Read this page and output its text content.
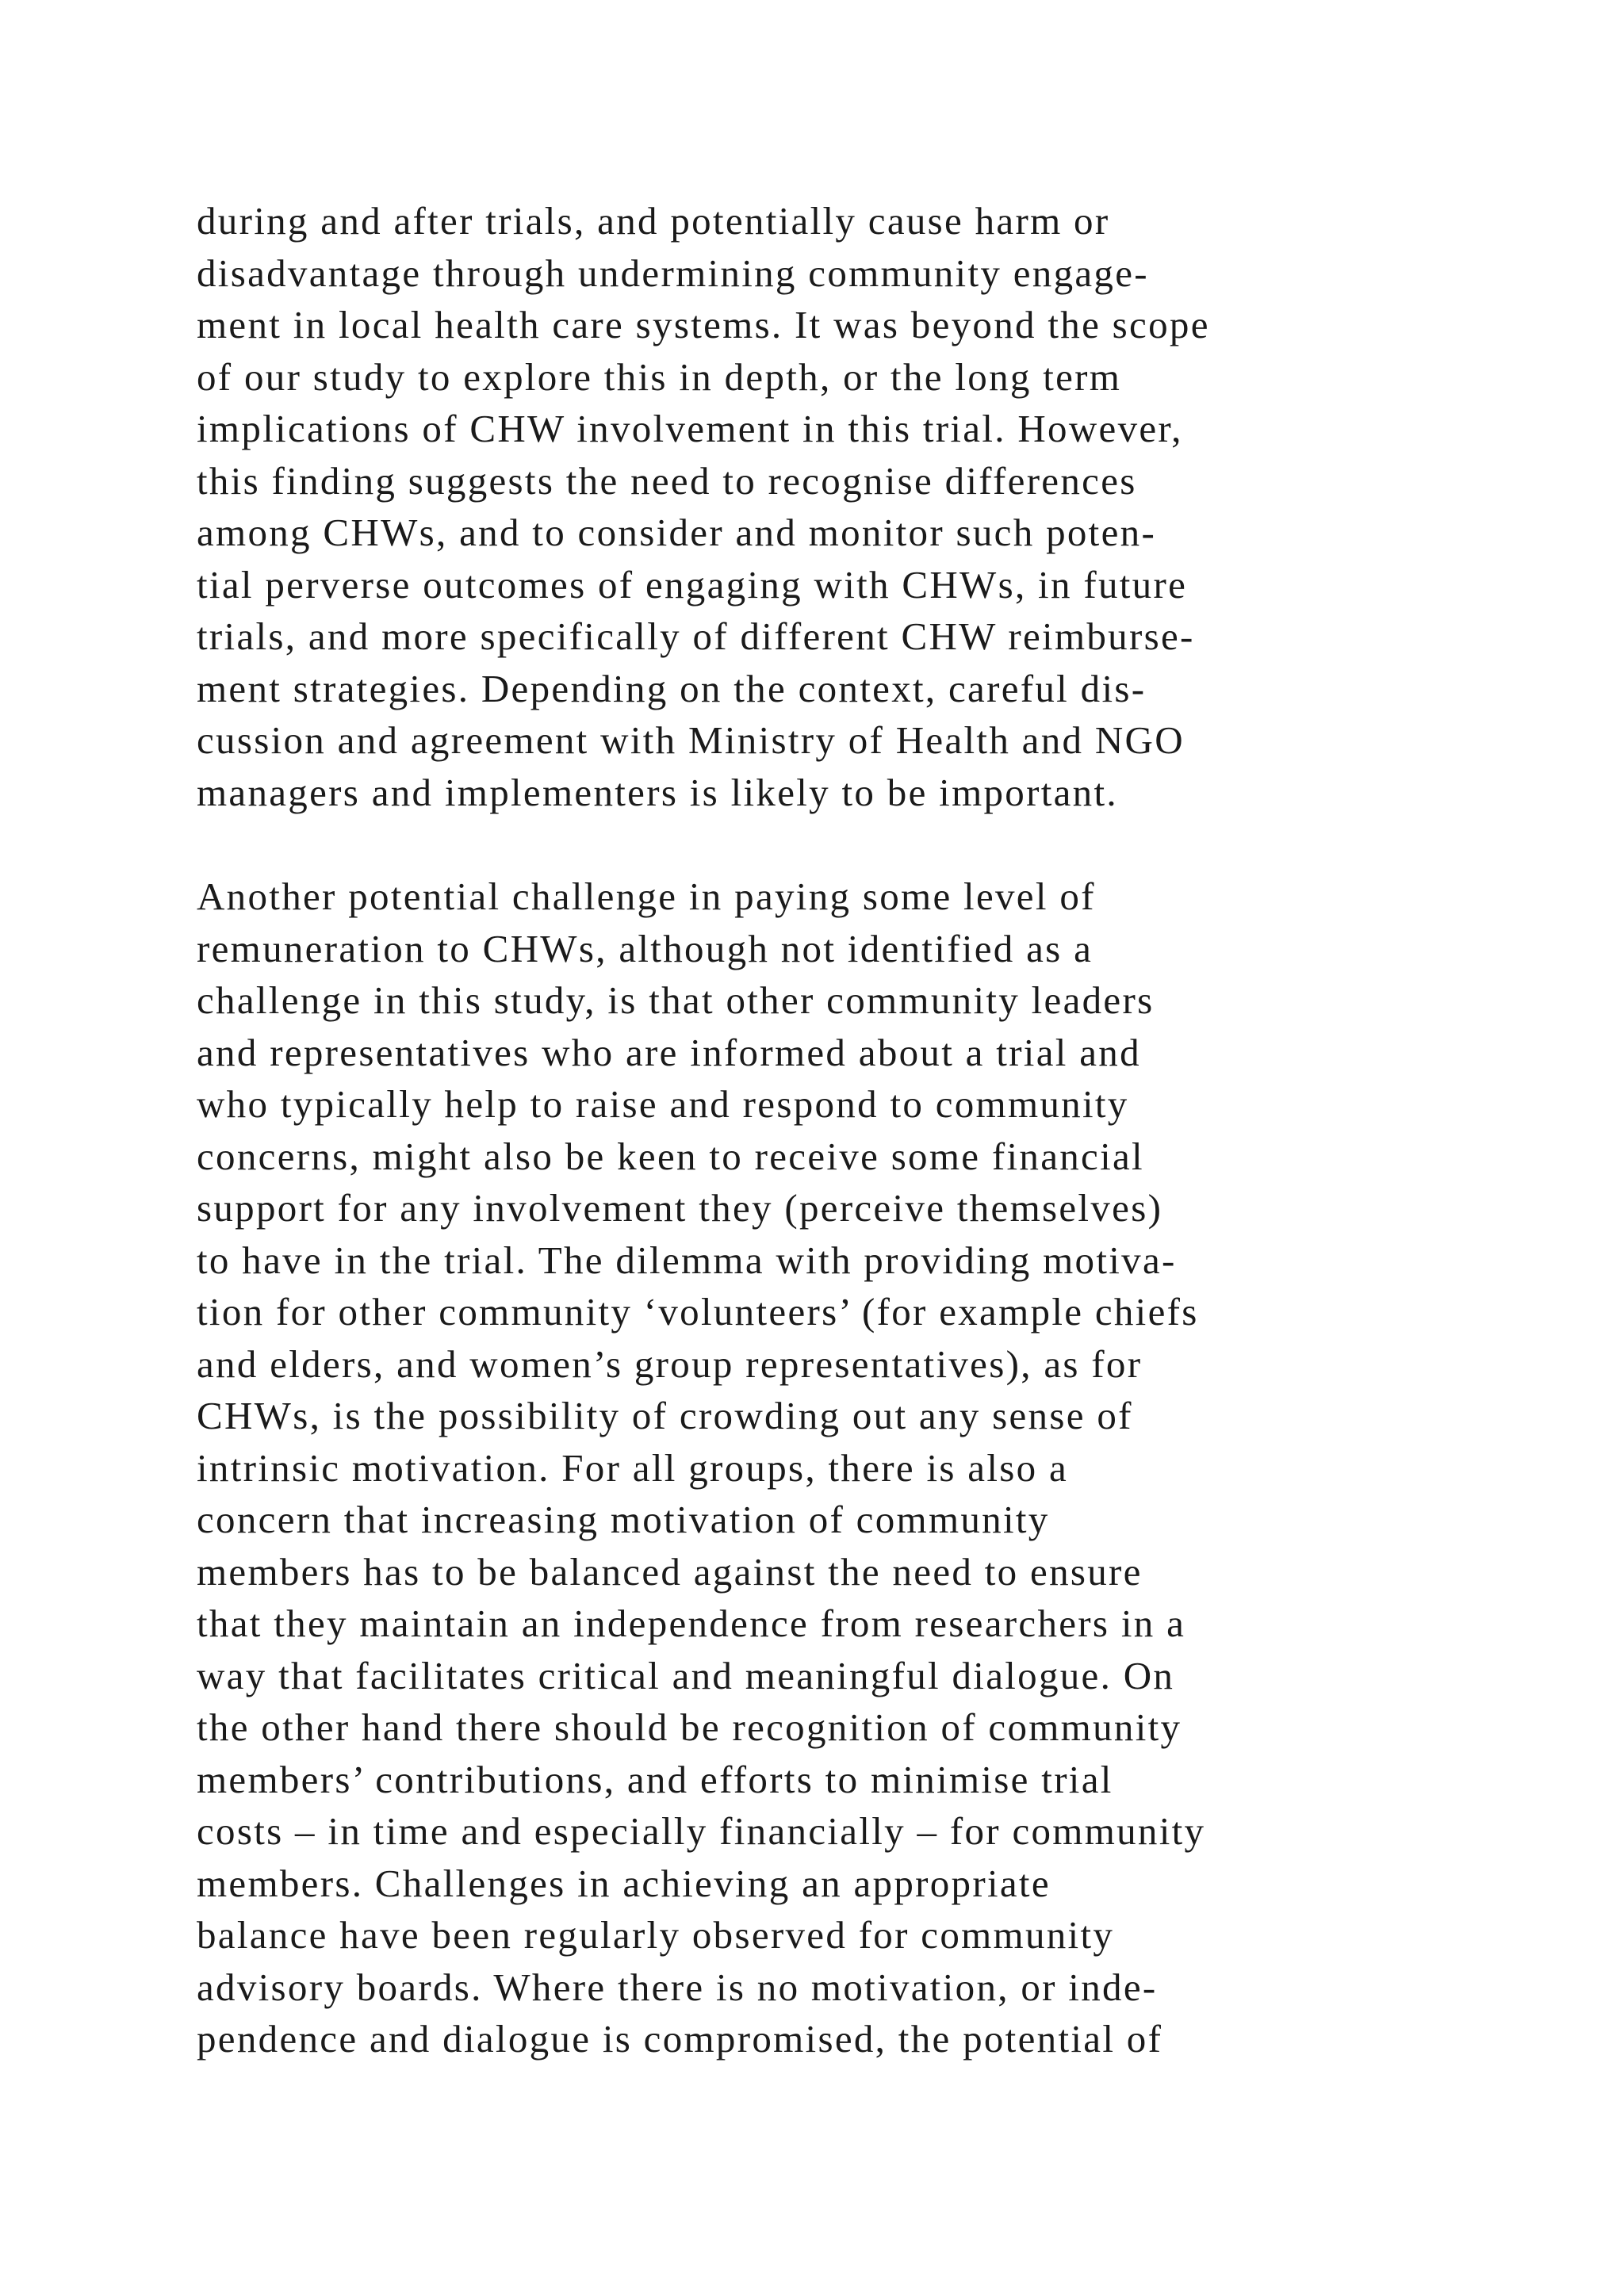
during and after trials, and potentially cause harm or
disadvantage through undermining community engage-
ment in local health care systems. It was beyond the scope
of our study to explore this in depth, or the long term
implications of CHW involvement in this trial. However,
this finding suggests the need to recognise differences
among CHWs, and to consider and monitor such poten-
tial perverse outcomes of engaging with CHWs, in future
trials, and more specifically of different CHW reimburse-
ment strategies. Depending on the context, careful dis-
cussion and agreement with Ministry of Health and NGO
managers and implementers is likely to be important.
Another potential challenge in paying some level of
remuneration to CHWs, although not identified as a
challenge in this study, is that other community leaders
and representatives who are informed about a trial and
who typically help to raise and respond to community
concerns, might also be keen to receive some financial
support for any involvement they (perceive themselves)
to have in the trial. The dilemma with providing motiva-
tion for other community ‘volunteers’ (for example chiefs
and elders, and women’s group representatives), as for
CHWs, is the possibility of crowding out any sense of
intrinsic motivation. For all groups, there is also a
concern that increasing motivation of community
members has to be balanced against the need to ensure
that they maintain an independence from researchers in a
way that facilitates critical and meaningful dialogue. On
the other hand there should be recognition of community
members’ contributions, and efforts to minimise trial
costs – in time and especially financially – for community
members. Challenges in achieving an appropriate
balance have been regularly observed for community
advisory boards. Where there is no motivation, or inde-
pendence and dialogue is compromised, the potential of
